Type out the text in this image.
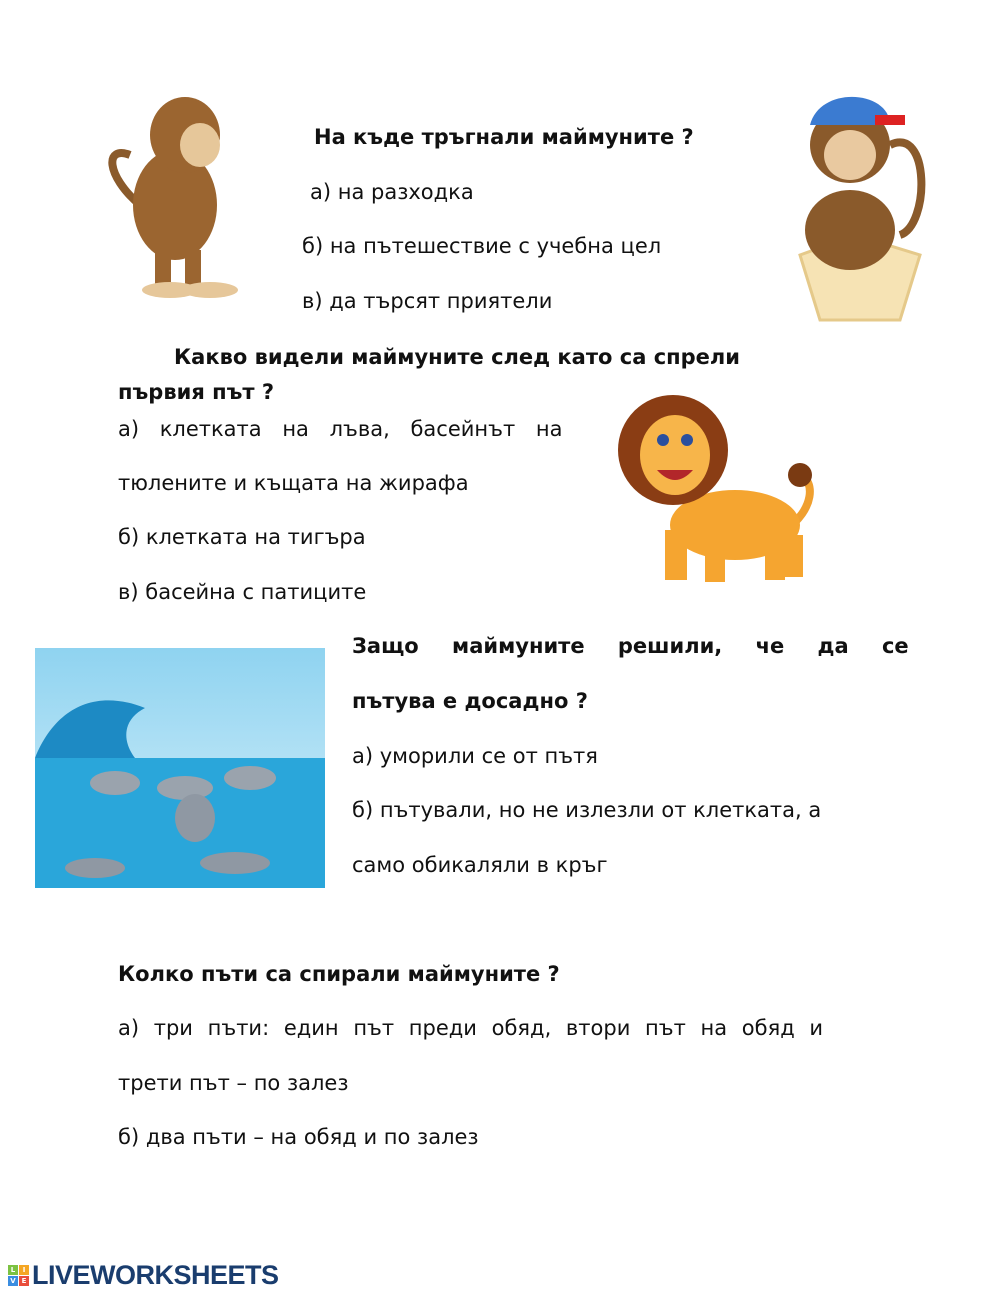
На къде тръгнали маймуните ?
а) на разходка
б) на пътешествие с учебна цел
в) да търсят приятели
Какво видели маймуните след като са спрели
първия път ?
а) клетката на лъва, басейнът на
тюлените и къщата на жирафа
б) клетката на тигъра
в) басейна с патиците
Защо маймуните решили, че да се
пътува е досадно ?
а) уморили се от пътя
б) пътували, но не излезли от клетката, а
само обикаляли в кръг
Колко пъти са спирали маймуните ?
а) три пъти: един път преди обяд, втори път на обяд и
трети път – по залез
б) два пъти – на обяд и по залез
L	I
V E LIVEWORKSHEETS
